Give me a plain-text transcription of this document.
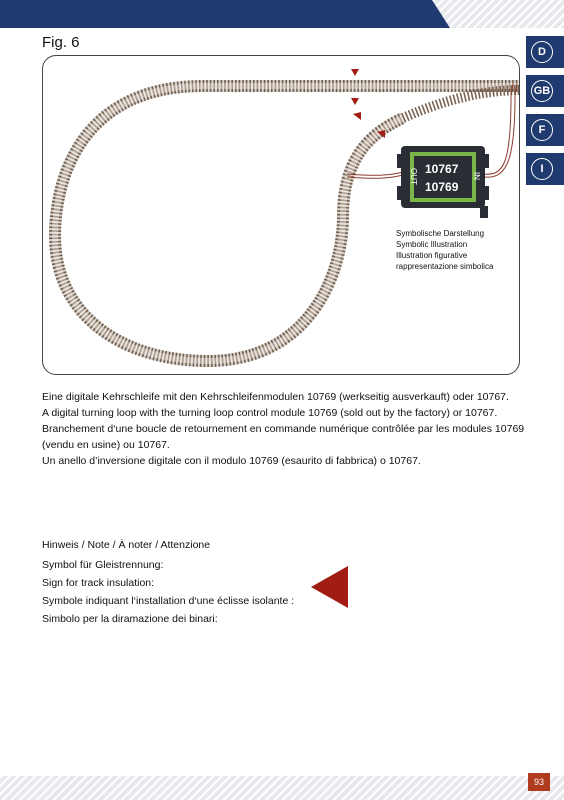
Fig. 6
D
GB
F
I
10767
10769
OUT	IN
Symbolische Darstellung
Symbolic Illustration
Illustration figurative
rappresentazione simbolica

Eine digitale Kehrschleife mit den Kehrschleifenmodulen 10769 (werkseitig ausverkauft) oder 10767.

A digital turning loop with the turning loop control module 10769 (sold out by the factory) or 10767.

Branchement d‘une boucle de retournement en commande numérique contrôlée par les modules 10769 (vendu en usine) ou 10767.

Un anello d’inversione digitale con il modulo 10769 (esaurito di fabbrica) o 10767.

Hinweis / Note / À noter / Attenzione
Symbol für Gleistrennung:
Sign for track insulation:
Symbole indiquant l‘installation d‘une éclisse isolante :
Simbolo per la diramazione dei binari:
93
